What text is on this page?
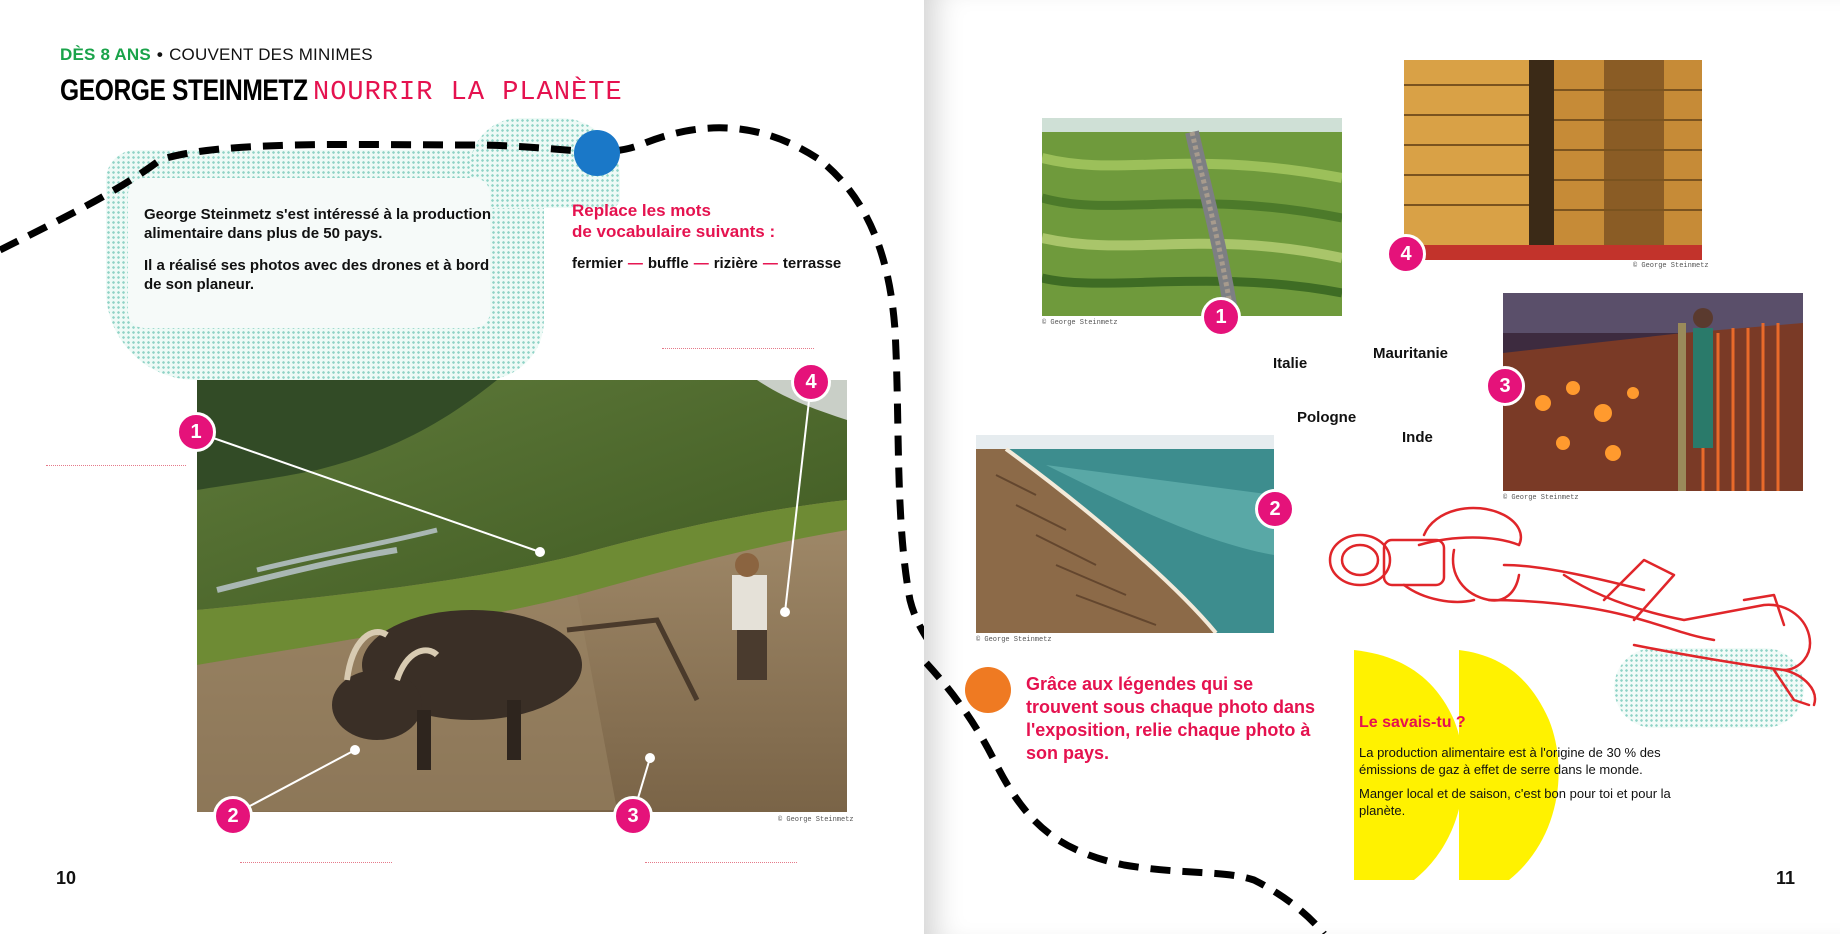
George Steinmetz s'est intéressé à la production alimentaire dans plus de 50 pays.
Il a réalisé ses photos avec des drones et à bord de son planeur.
DÈS 8 ANS • COUVENT DES MINIMES
GEORGE STEINMETZ NOURRIR LA PLANÈTE
Replace les mots
de vocabulaire suivants :
fermier — buffle — rizière — terrasse
© George Steinmetz
1
2	3
4
10
© George Steinmetz	1
© George Steinmetz
4
© George Steinmetz
3
© George Steinmetz
2
Italie
Mauritanie
Pologne
Inde
Grâce aux légendes qui se trouvent sous chaque photo dans l'exposition, relie chaque photo à son pays.
Le savais-tu ?
La production alimentaire est à l'origine de 30 % des émissions de gaz à effet de serre dans le monde.
Manger local et de saison, c'est bon pour toi et pour la planète.
11
